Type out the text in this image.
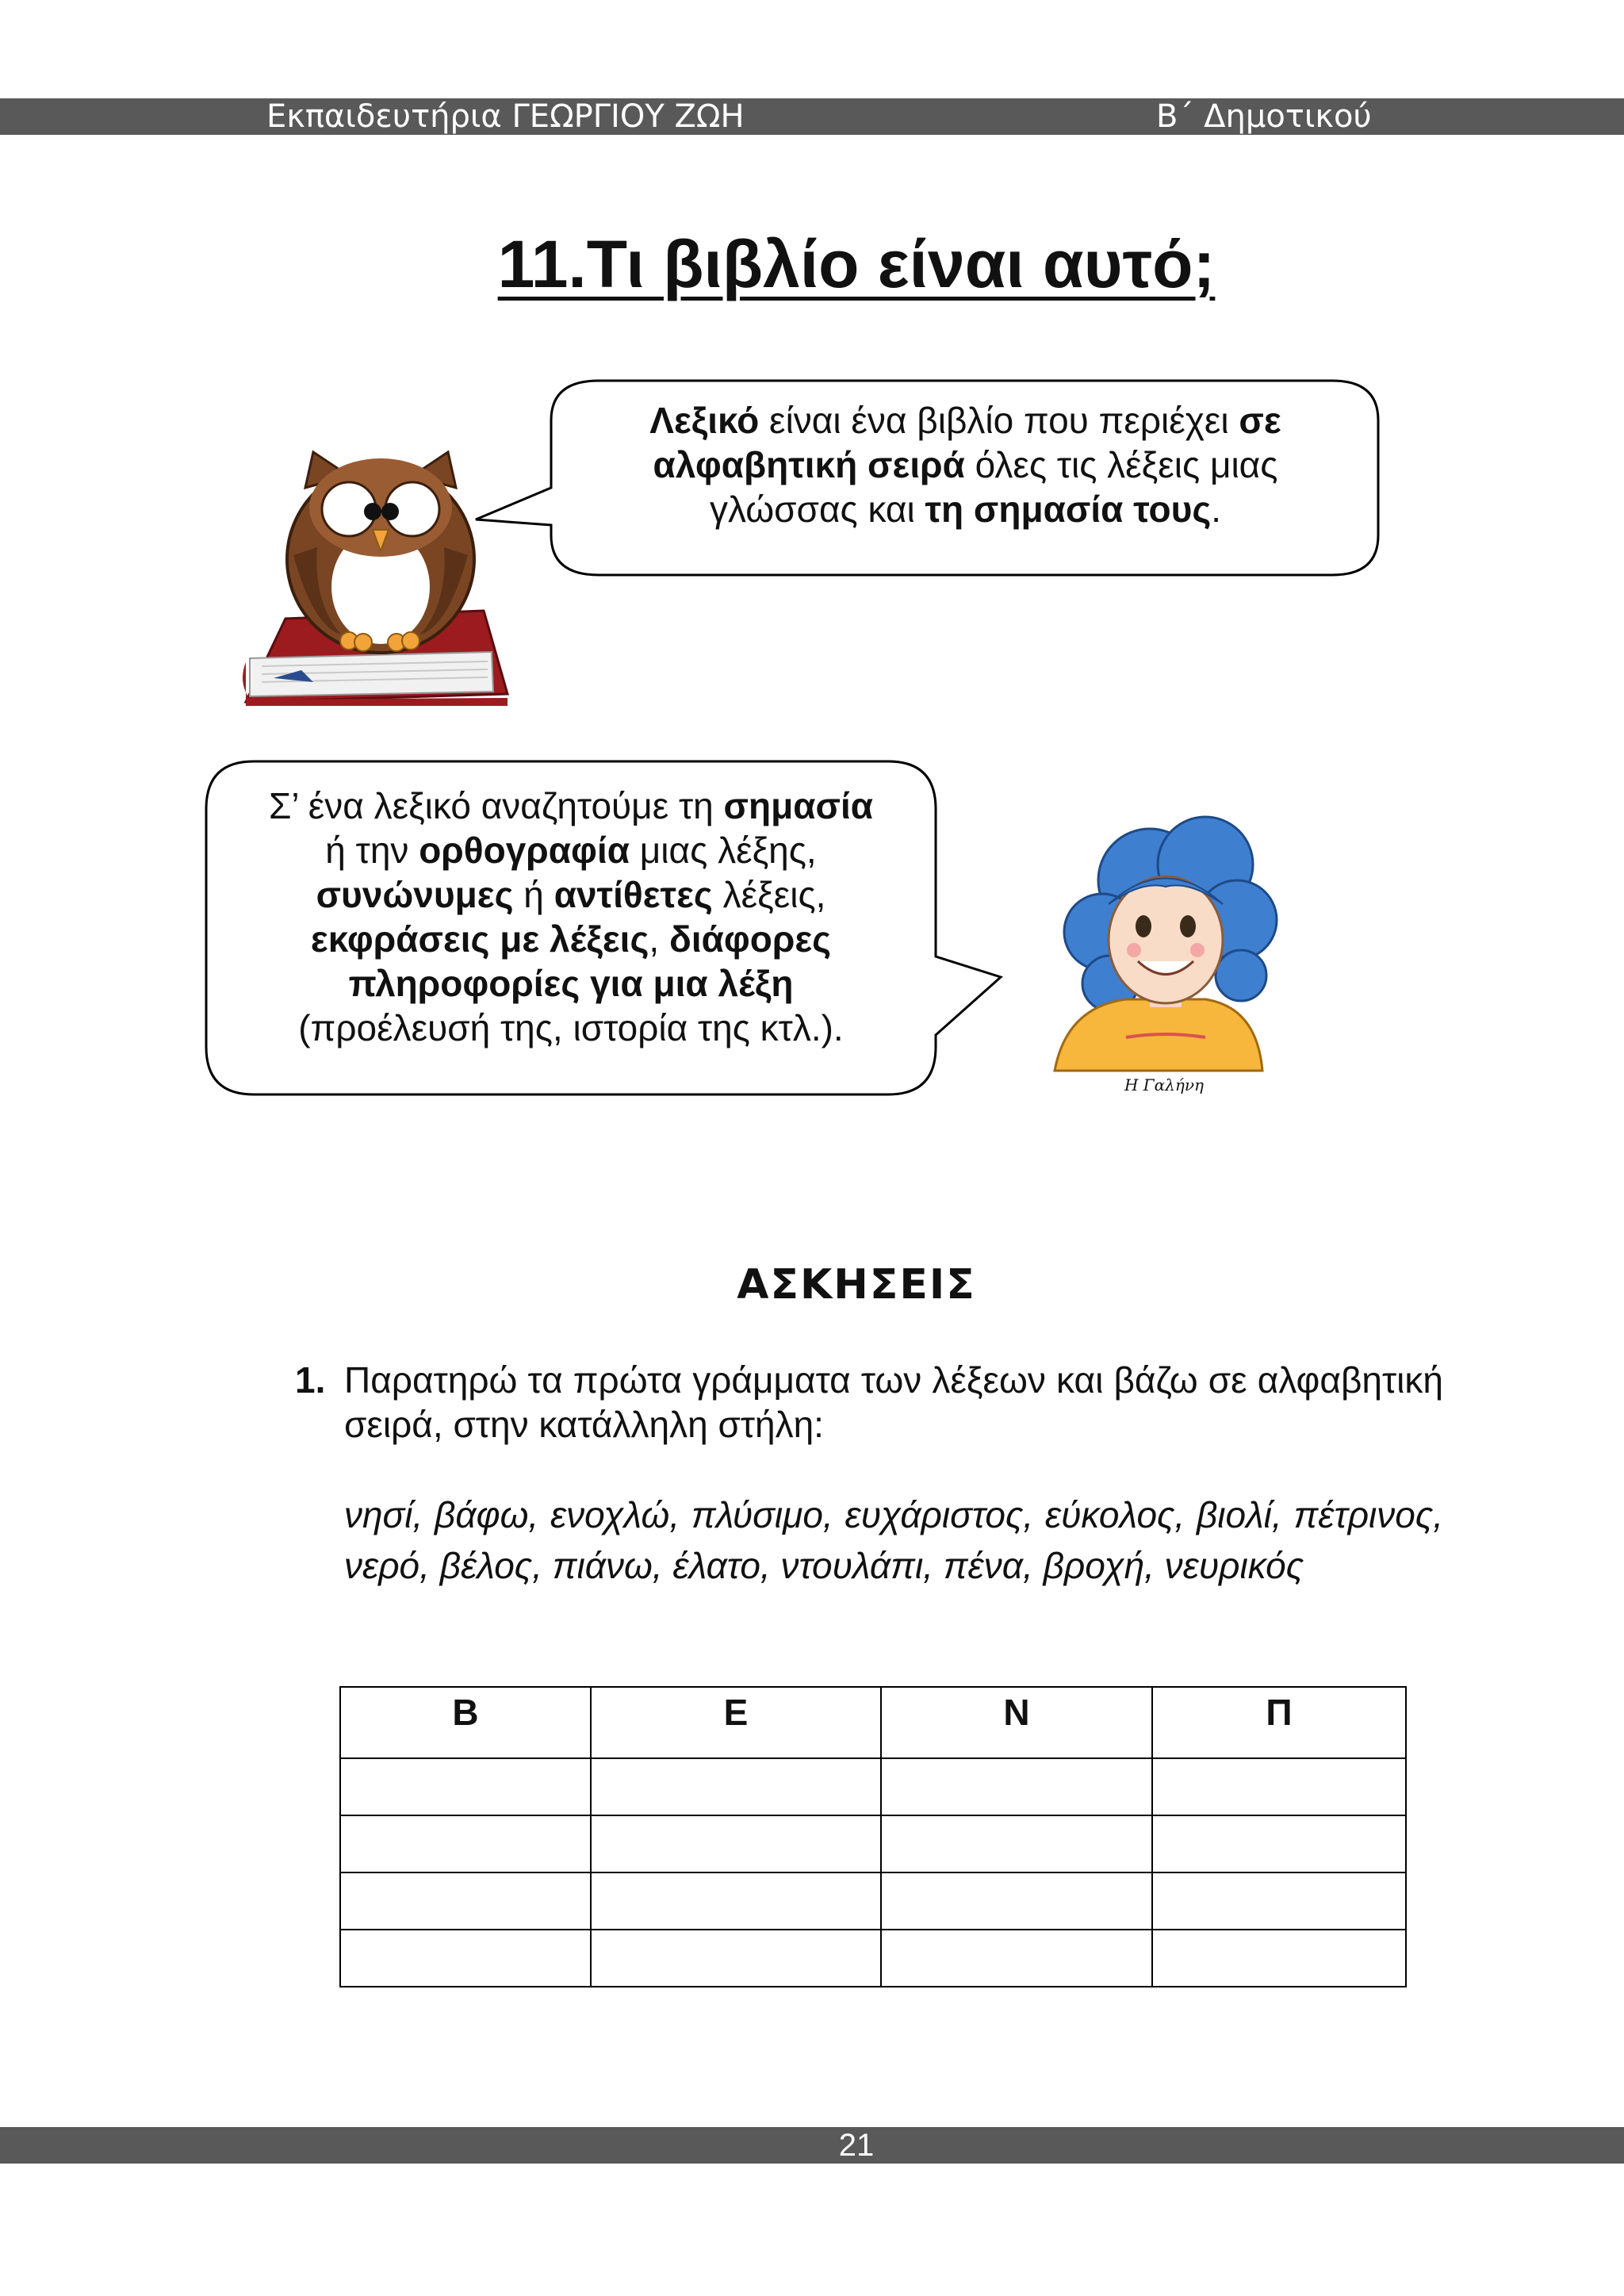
Εκπαιδευτήρια ΓΕΩΡΓΙΟΥ ΖΩΗ	Β΄ Δημοτικού
11.Τι βιβλίο είναι αυτό;
Λεξικό είναι ένα βιβλίο που περιέχει σε
αλφαβητική σειρά όλες τις λέξεις μιας
γλώσσας και τη σημασία τους.
Σ’ ένα λεξικό αναζητούμε τη σημασία
ή την ορθογραφία μιας λέξης,
συνώνυμες ή αντίθετες λέξεις,
εκφράσεις με λέξεις, διάφορες
πληροφορίες για μια λέξη
(προέλευσή της, ιστορία της κτλ.).
Η Γαλήνη
ΑΣΚΗΣΕΙΣ
1. Παρατηρώ τα πρώτα γράμματα των λέξεων και βάζω σε αλφαβητική σειρά, στην κατάλληλη στήλη:
νησί, βάφω, ενοχλώ, πλύσιμο, ευχάριστος, εύκολος, βιολί, πέτρινος, νερό, βέλος, πιάνω, έλατο, ντουλάπι, πένα, βροχή, νευρικός
Β	Ε	Ν	Π

21
